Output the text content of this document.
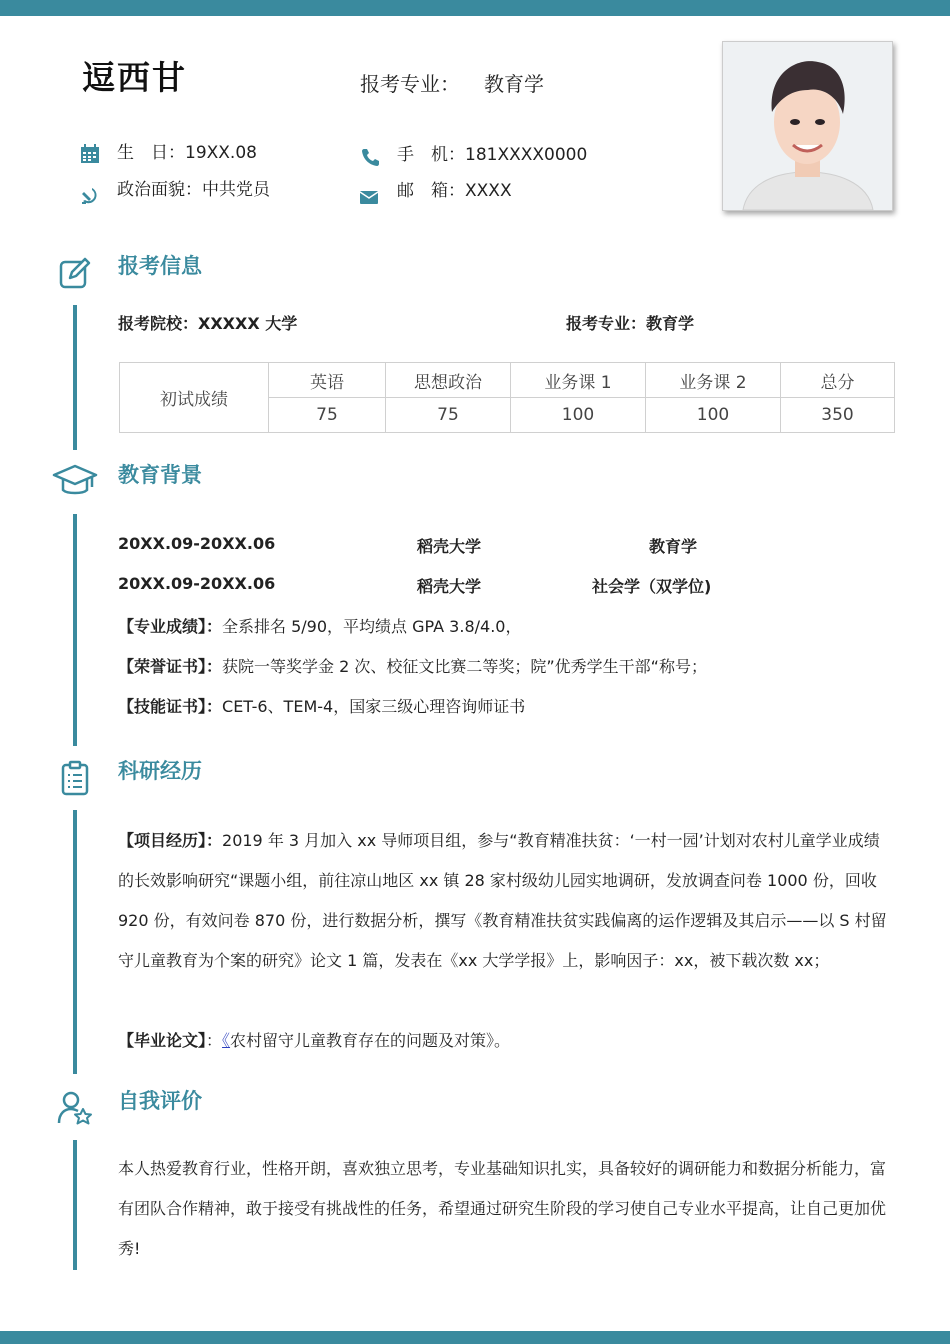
逗西甘	报考专业： 教育学
生　日：19XX.08
政治面貌：中共党员
手　机：181XXXX0000
邮　箱：XXXX
报考信息
报考院校：XXXXX 大学	报考专业：教育学
初试成绩	英语	思想政治	业务课 1	业务课 2	总分
	75	75	100	100	350
教育背景
20XX.09-20XX.06	稻壳大学	教育学
20XX.09-20XX.06	稻壳大学	社会学（双学位)
【专业成绩】：全系排名 5/90，平均绩点 GPA 3.8/4.0，
【荣誉证书】：获院一等奖学金 2 次、校征文比赛二等奖；院”优秀学生干部“称号；
【技能证书】：CET-6、TEM-4，国家三级心理咨询师证书
科研经历
【项目经历】：2019 年 3 月加入 xx 导师项目组，参与“教育精准扶贫：‘一村一园’计划对农村儿童学业成绩的长效影响研究“课题小组，前往凉山地区 xx 镇 28 家村级幼儿园实地调研，发放调查问卷 1000 份，回收 920 份，有效问卷 870 份，进行数据分析，撰写《教育精准扶贫实践偏离的运作逻辑及其启示——以 S 村留守儿童教育为个案的研究》论文 1 篇，发表在《xx 大学学报》上，影响因子：xx，被下载次数 xx；
【毕业论文】：《农村留守儿童教育存在的问题及对策》。
自我评价
本人热爱教育行业，性格开朗，喜欢独立思考，专业基础知识扎实，具备较好的调研能力和数据分析能力，富有团队合作精神，敢于接受有挑战性的任务，希望通过研究生阶段的学习使自己专业水平提高，让自己更加优秀!
